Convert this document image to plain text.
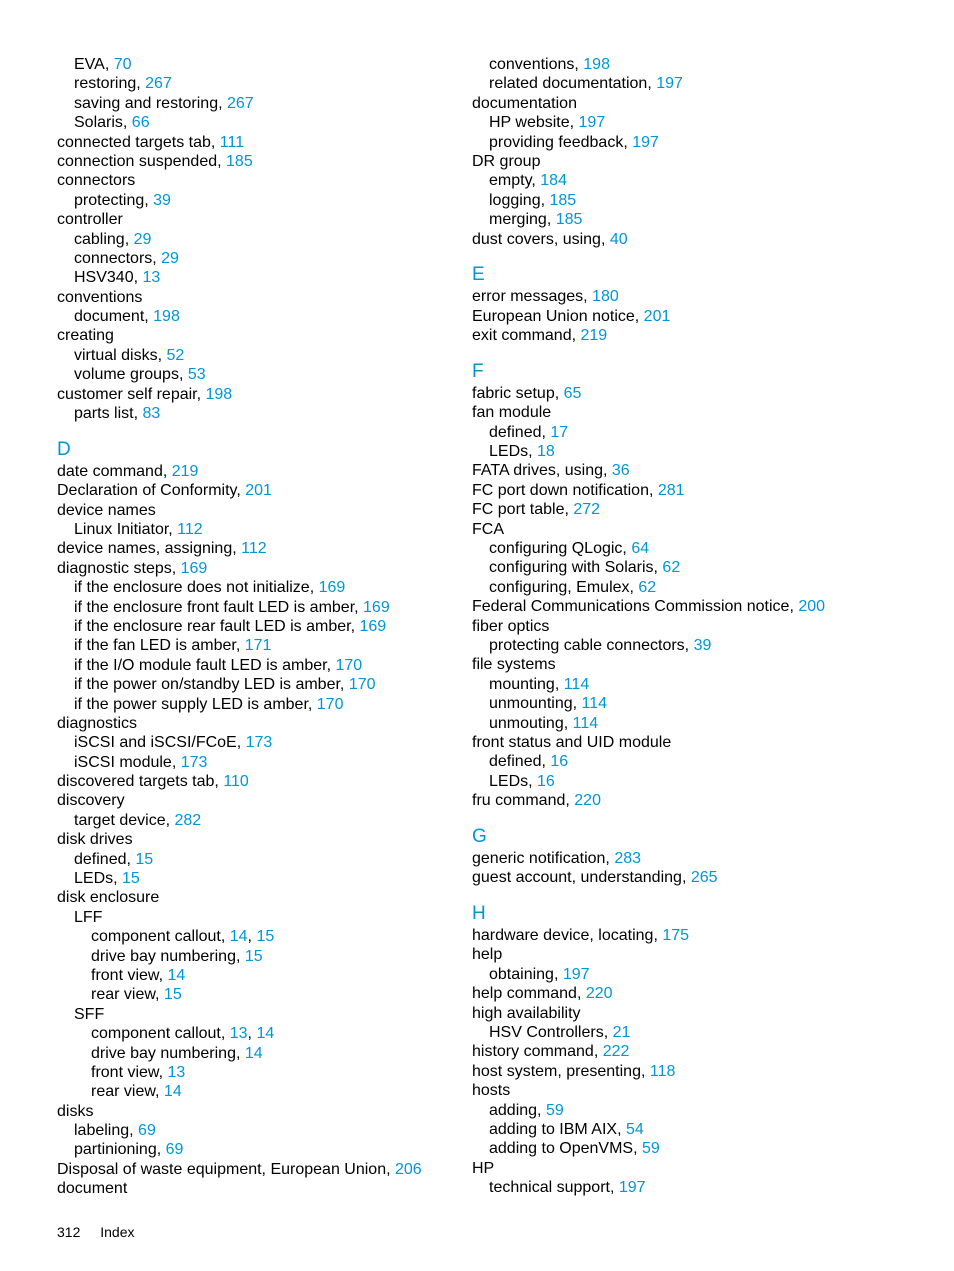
EVA, 70
restoring, 267
saving and restoring, 267
Solaris, 66
connected targets tab, 111
connection suspended, 185
connectors
protecting, 39
controller
cabling, 29
connectors, 29
HSV340, 13
conventions
document, 198
creating
virtual disks, 52
volume groups, 53
customer self repair, 198
parts list, 83
D
date command, 219
Declaration of Conformity, 201
device names
Linux Initiator, 112
device names, assigning, 112
diagnostic steps, 169
if the enclosure does not initialize, 169
if the enclosure front fault LED is amber, 169
if the enclosure rear fault LED is amber, 169
if the fan LED is amber, 171
if the I/O module fault LED is amber, 170
if the power on/standby LED is amber, 170
if the power supply LED is amber, 170
diagnostics
iSCSI and iSCSI/FCoE, 173
iSCSI module, 173
discovered targets tab, 110
discovery
target device, 282
disk drives
defined, 15
LEDs, 15
disk enclosure
LFF
component callout, 14, 15
drive bay numbering, 15
front view, 14
rear view, 15
SFF
component callout, 13, 14
drive bay numbering, 14
front view, 13
rear view, 14
disks
labeling, 69
partinioning, 69
Disposal of waste equipment, European Union, 206
document
conventions, 198
related documentation, 197
documentation
HP website, 197
providing feedback, 197
DR group
empty, 184
logging, 185
merging, 185
dust covers, using, 40
E
error messages, 180
European Union notice, 201
exit command, 219
F
fabric setup, 65
fan module
defined, 17
LEDs, 18
FATA drives, using, 36
FC port down notification, 281
FC port table, 272
FCA
configuring QLogic, 64
configuring with Solaris, 62
configuring, Emulex, 62
Federal Communications Commission notice, 200
fiber optics
protecting cable connectors, 39
file systems
mounting, 114
unmounting, 114
unmouting, 114
front status and UID module
defined, 16
LEDs, 16
fru command, 220
G
generic notification, 283
guest account, understanding, 265
H
hardware device, locating, 175
help
obtaining, 197
help command, 220
high availability
HSV Controllers, 21
history command, 222
host system, presenting, 118
hosts
adding, 59
adding to IBM AIX, 54
adding to OpenVMS, 59
HP
technical support, 197
312 Index
